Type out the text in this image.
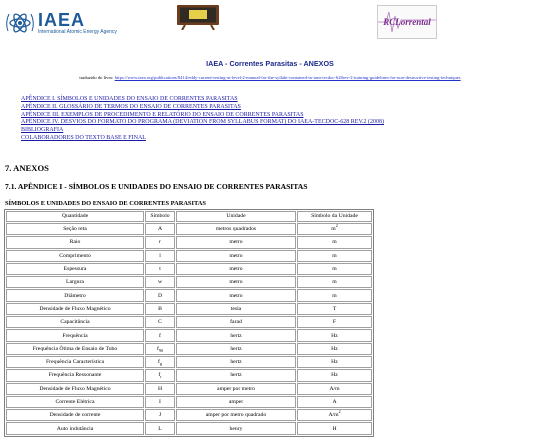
IAEA
International Atomic Energy Agency
RCLorrental
IAEA - Correntes Parasitas - ANEXOS
traduzido do livro: https://www.iaea.org/publications/8414/eddy-current-testing-at-level-2-manual-for-the-syllabi-contained-in-iaea-tecdoc-628rev-2-training-guidelines-for-non-destructive-testing-techniques
APÊNDICE I. SÍMBOLOS E UNIDADES DO ENSAIO DE CORRENTES PARASITAS
APÊNDICE II. GLOSSÁRIO DE TERMOS DO ENSAIO DE CORRENTES PARASITAS
APÊNDICE III. EXEMPLOS DE PROCEDIMENTO E RELATÓRIO DO ENSAIO DE CORRENTES PARASITAS
APÊNDICE IV. DESVIOS DO FORMATO DO PROGRAMA (DEVIATION FROM SYLLABUS FORMAT) DO IAEA-TECDOC-628 REV.2 (2008)
BIBLIOGRAFIA
COLABORADORES DO TEXTO BASE E FINAL
7. ANEXOS
7.1. APÊNDICE I - SÍMBOLOS E UNIDADES DO ENSAIO DE CORRENTES PARASITAS
SÍMBOLOS E UNIDADES DO ENSAIO DE CORRENTES PARASITAS
Quantidade	Símbolo	Unidade	Símbolo da Unidade
Seção reta	A	metros quadrados	$m^2$
Raio	r	metro	m
Comprimento	l	metro	m
Espessura	t	metro	m
Largura	w	metro	m
Diâmetro	D	metro	m
Densidade de Fluxo Magnético	B	tesla	T
Capacitância	C	farad	F
Frequência	f	hertz	Hz
Frequência Ótima de Ensaio de Tubo	$f_{90}$	hertz	Hz
Frequência Característica	$f_g$	hertz	Hz
Frequência Ressonante	$f_r$	hertz	Hz
Densidade de Fluxo Magnético	H	amper por metro	A/m
Corrente Elétrica	I	amper	A
Densidade de corrente	J	amper por metro quadrado	$A/m^2$
Auto indutância	L	henry	H
